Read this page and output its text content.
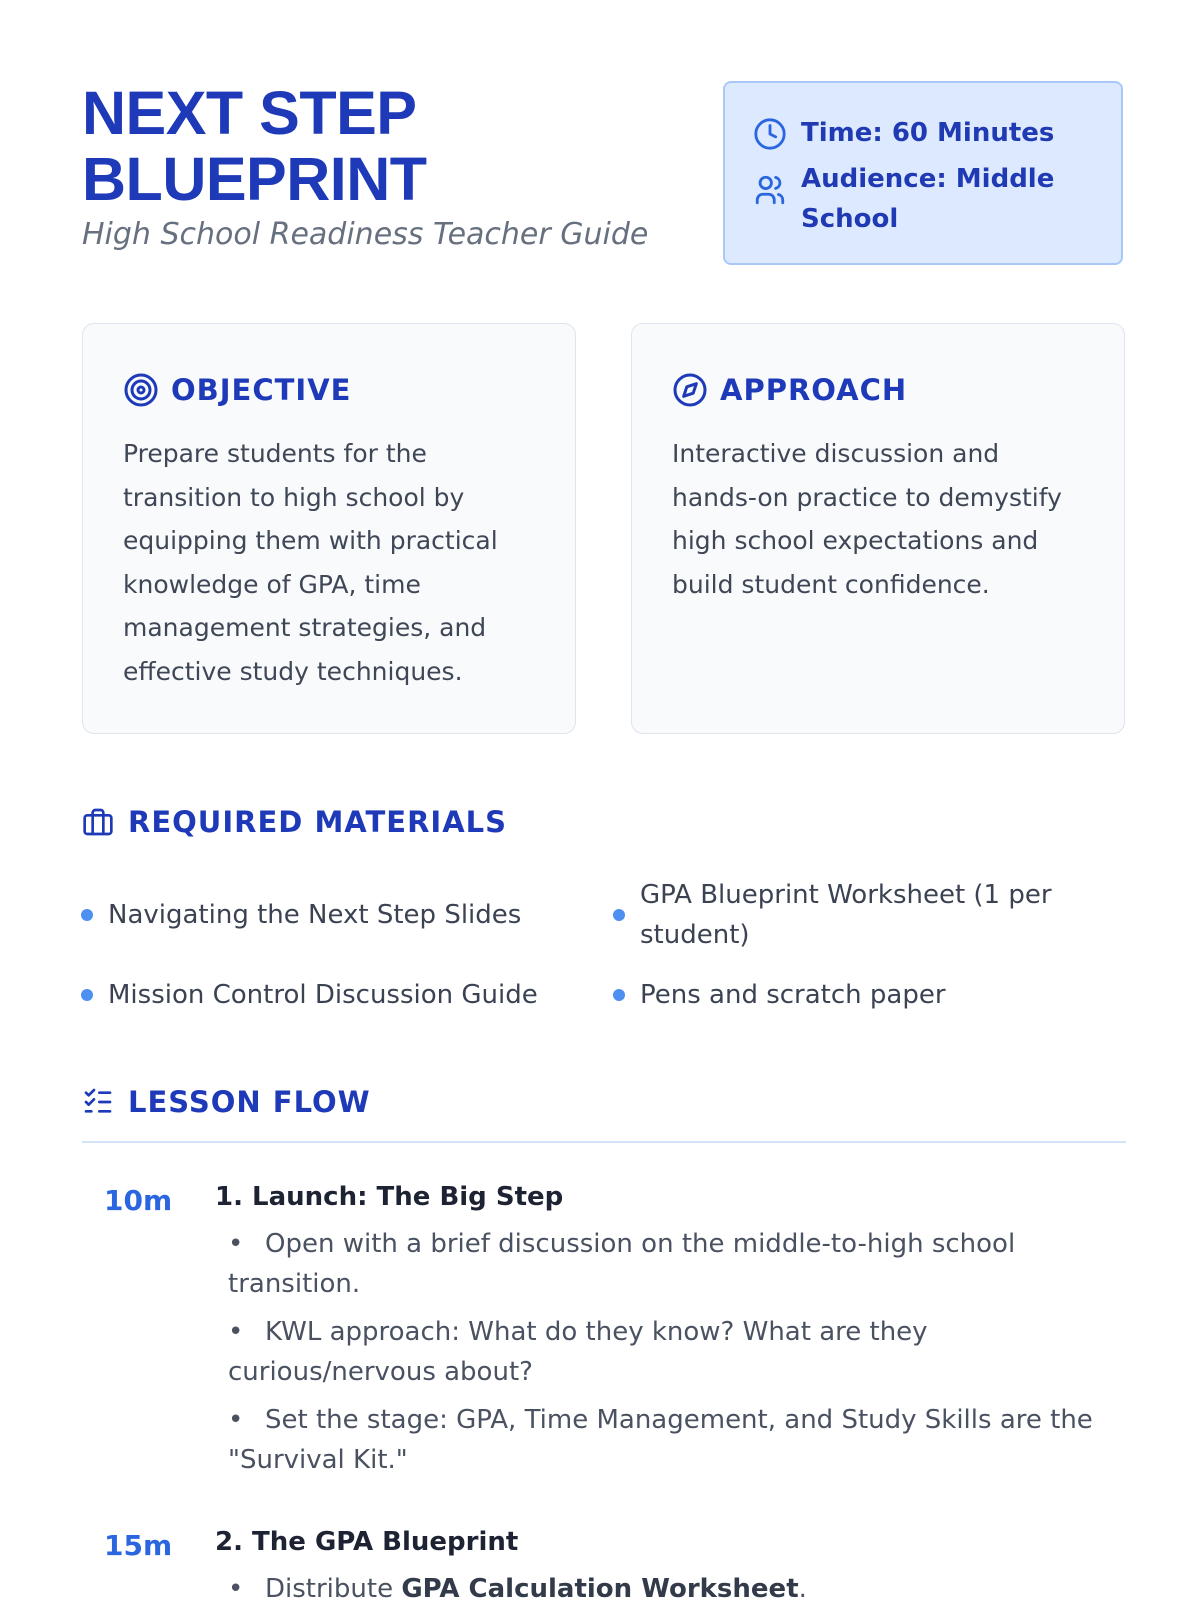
NEXT STEP
BLUEPRINT

High School Readiness Teacher Guide

Time: 60 Minutes
Audience: Middle School
OBJECTIVE

Prepare students for the transition to high school by equipping them with practical knowledge of GPA, time management strategies, and effective study techniques.

APPROACH

Interactive discussion and hands-on practice to demystify high school expectations and build student confidence.

REQUIRED MATERIALS
Navigating the Next Step Slides
GPA Blueprint Worksheet (1 per student)
Mission Control Discussion Guide	Pens and scratch paper
LESSON FLOW
10m 1. Launch: The Big Step
• Open with a brief discussion on the middle-to-high school transition.
• KWL approach: What do they know? What are they curious/nervous about?
• Set the stage: GPA, Time Management, and Study Skills are the "Survival Kit."
15m 2. The GPA Blueprint
• Distribute GPA Calculation Worksheet.
